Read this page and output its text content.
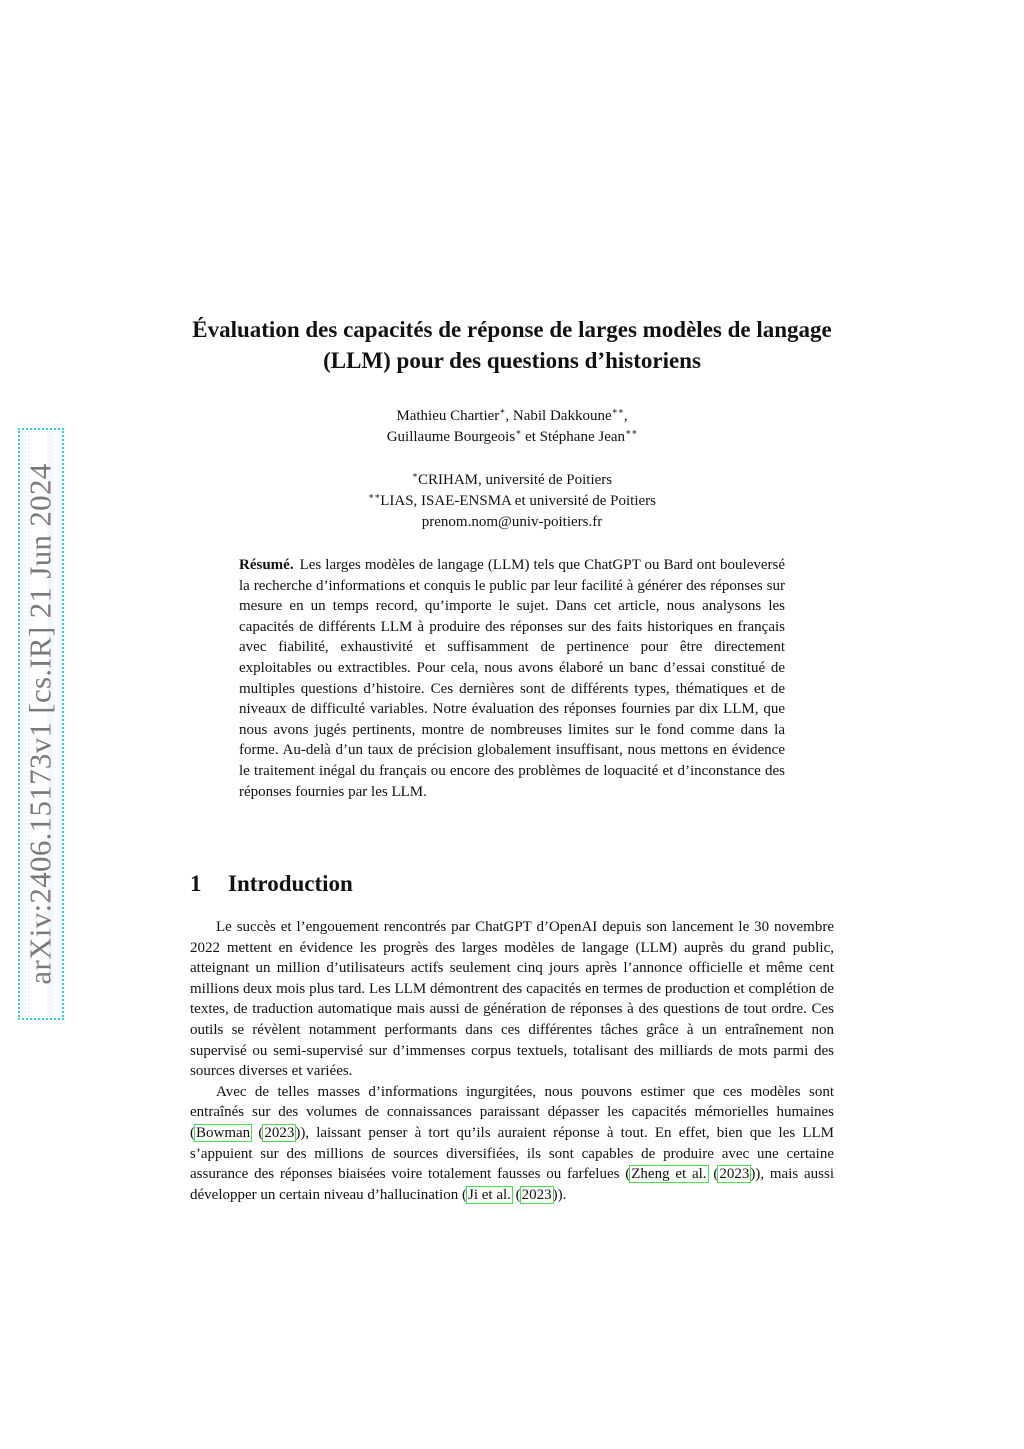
arXiv:2406.15173v1 [cs.IR] 21 Jun 2024
Évaluation des capacités de réponse de larges modèles de langage (LLM) pour des questions d’historiens
Mathieu Chartier∗, Nabil Dakkoune∗∗,
Guillaume Bourgeois∗ et Stéphane Jean∗∗
∗CRIHAM, université de Poitiers
∗∗LIAS, ISAE-ENSMA et université de Poitiers
prenom.nom@univ-poitiers.fr

Résumé. Les larges modèles de langage (LLM) tels que ChatGPT ou Bard ont bouleversé la recherche d’informations et conquis le public par leur facilité à générer des réponses sur mesure en un temps record, qu’importe le sujet. Dans cet article, nous analysons les capacités de différents LLM à produire des réponses sur des faits historiques en français avec fiabilité, exhaustivité et suffisamment de pertinence pour être directement exploitables ou extractibles. Pour cela, nous avons élaboré un banc d’essai constitué de multiples questions d’histoire. Ces dernières sont de différents types, thématiques et de niveaux de difficulté variables. Notre évaluation des réponses fournies par dix LLM, que nous avons jugés pertinents, montre de nombreuses limites sur le fond comme dans la forme. Au-delà d’un taux de précision globalement insuffisant, nous mettons en évidence le traitement inégal du français ou encore des problèmes de loquacité et d’inconstance des réponses fournies par les LLM.

1 Introduction

Le succès et l’engouement rencontrés par ChatGPT d’OpenAI depuis son lancement le 30 novembre 2022 mettent en évidence les progrès des larges modèles de langage (LLM) auprès du grand public, atteignant un million d’utilisateurs actifs seulement cinq jours après l’annonce officielle et même cent millions deux mois plus tard. Les LLM démontrent des capacités en termes de production et complétion de textes, de traduction automatique mais aussi de génération de réponses à des questions de tout ordre. Ces outils se révèlent notamment performants dans ces différentes tâches grâce à un entraînement non supervisé ou semi-supervisé sur d’immenses corpus textuels, totalisant des milliards de mots parmi des sources diverses et variées.

Avec de telles masses d’informations ingurgitées, nous pouvons estimer que ces modèles sont entraînés sur des volumes de connaissances paraissant dépasser les capacités mémorielles humaines (Bowman (2023)), laissant penser à tort qu’ils auraient réponse à tout. En effet, bien que les LLM s’appuient sur des millions de sources diversifiées, ils sont capables de produire avec une certaine assurance des réponses biaisées voire totalement fausses ou farfelues (Zheng et al. (2023)), mais aussi développer un certain niveau d’hallucination (Ji et al. (2023)).
